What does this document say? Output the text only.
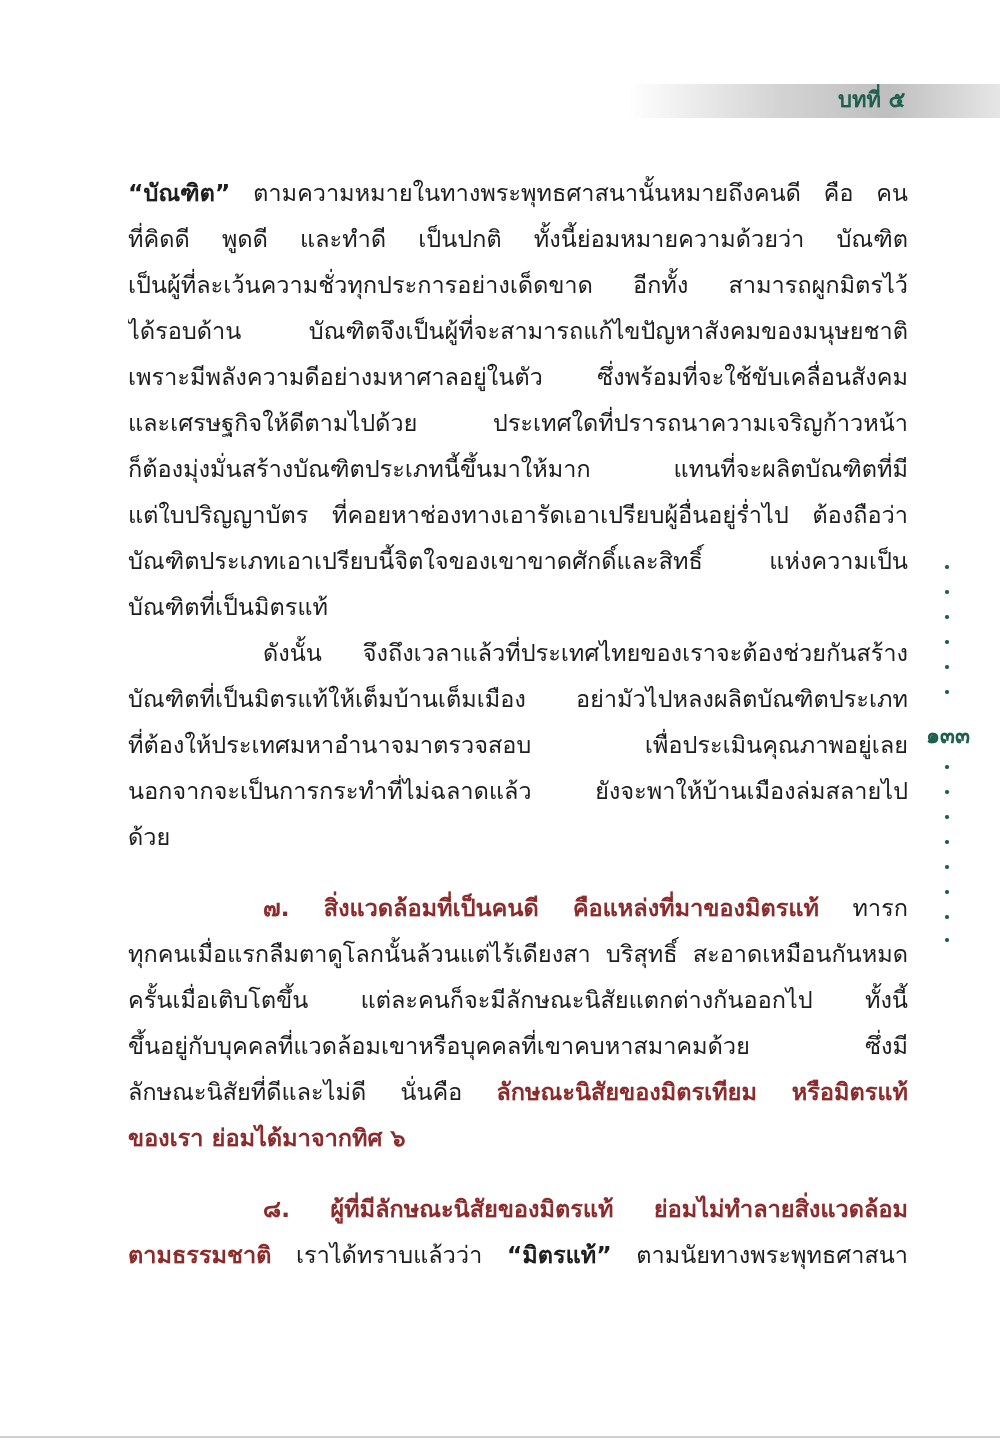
บทที่ ๕
“บัณฑิต” ตามความหมายในทางพระพุทธศาสนานั้นหมายถึงคนดี คือ คน
ที่คิดดี พูดดี และทำดี เป็นปกติ ทั้งนี้ย่อมหมายความด้วยว่า บัณฑิต
เป็นผู้ที่ละเว้นความชั่วทุกประการอย่างเด็ดขาด อีกทั้ง สามารถผูกมิตรไว้
ได้รอบด้าน บัณฑิตจึงเป็นผู้ที่จะสามารถแก้ไขปัญหาสังคมของมนุษยชาติ
เพราะมีพลังความดีอย่างมหาศาลอยู่ในตัว ซึ่งพร้อมที่จะใช้ขับเคลื่อนสังคม
และเศรษฐกิจให้ดีตามไปด้วย ประเทศใดที่ปรารถนาความเจริญก้าวหน้า
ก็ต้องมุ่งมั่นสร้างบัณฑิตประเภทนี้ขึ้นมาให้มาก แทนที่จะผลิตบัณฑิตที่มี
แต่ใบปริญญาบัตร ที่คอยหาช่องทางเอารัดเอาเปรียบผู้อื่นอยู่ร่ำไป ต้องถือว่า
บัณฑิตประเภทเอาเปรียบนี้จิตใจของเขาขาดศักดิ์และสิทธิ์ แห่งความเป็น
บัณฑิตที่เป็นมิตรแท้
ดังนั้น จึงถึงเวลาแล้วที่ประเทศไทยของเราจะต้องช่วยกันสร้าง
บัณฑิตที่เป็นมิตรแท้ให้เต็มบ้านเต็มเมือง อย่ามัวไปหลงผลิตบัณฑิตประเภท
ที่ต้องให้ประเทศมหาอำนาจมาตรวจสอบ เพื่อประเมินคุณภาพอยู่เลย
นอกจากจะเป็นการกระทำที่ไม่ฉลาดแล้ว ยังจะพาให้บ้านเมืองล่มสลายไป
ด้วย
๗. สิ่งแวดล้อมที่เป็นคนดี คือแหล่งที่มาของมิตรแท้ ทารก
ทุกคนเมื่อแรกลืมตาดูโลกนั้นล้วนแต่ไร้เดียงสา บริสุทธิ์ สะอาดเหมือนกันหมด
ครั้นเมื่อเติบโตขึ้น แต่ละคนก็จะมีลักษณะนิสัยแตกต่างกันออกไป ทั้งนี้
ขึ้นอยู่กับบุคคลที่แวดล้อมเขาหรือบุคคลที่เขาคบหาสมาคมด้วย ซึ่งมี
ลักษณะนิสัยที่ดีและไม่ดี นั่นคือ ลักษณะนิสัยของมิตรเทียม หรือมิตรแท้
ของเรา ย่อมได้มาจากทิศ ๖
๘. ผู้ที่มีลักษณะนิสัยของมิตรแท้ ย่อมไม่ทำลายสิ่งแวดล้อม
ตามธรรมชาติ เราได้ทราบแล้วว่า “มิตรแท้” ตามนัยทางพระพุทธศาสนา
๑๓๓
